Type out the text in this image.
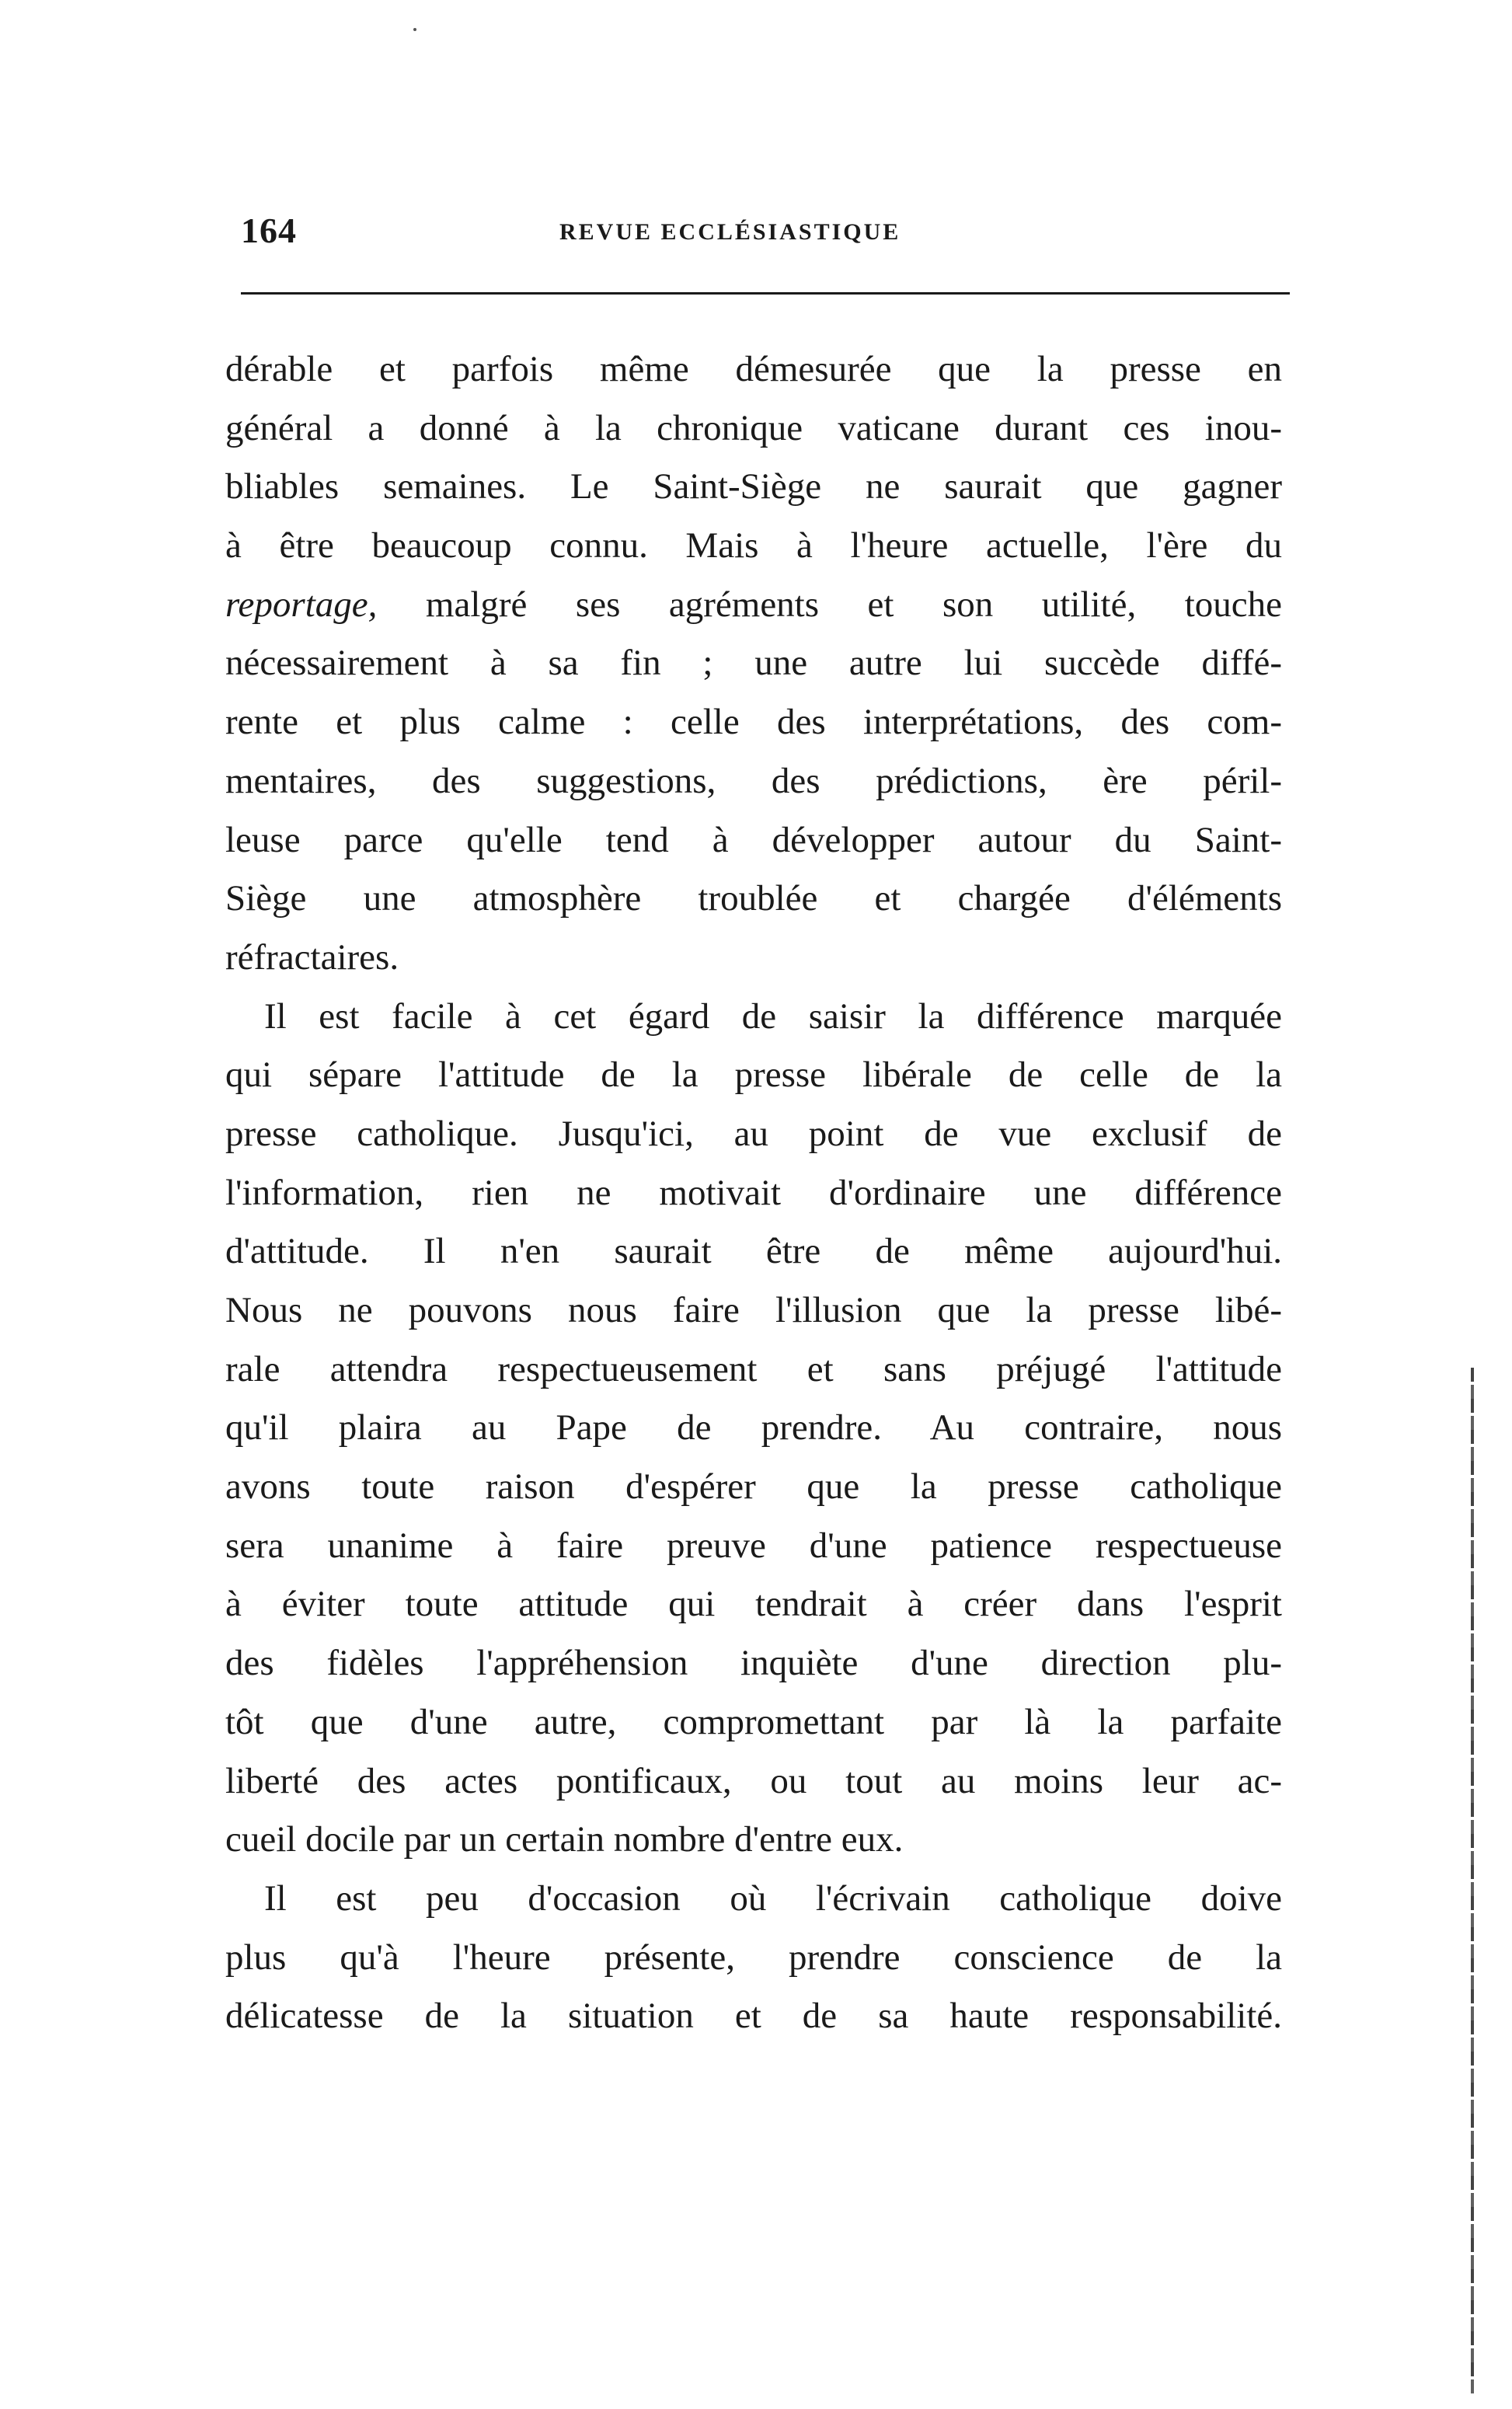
164	REVUE ECCLÉSIASTIQUE
dérable et parfois même démesurée que la presse en
général a donné à la chronique vaticane durant ces inou-
bliables semaines. Le Saint-Siège ne saurait que gagner
à être beaucoup connu. Mais à l'heure actuelle, l'ère du
reportage, malgré ses agréments et son utilité, touche
nécessairement à sa fin ; une autre lui succède diffé-
rente et plus calme : celle des interprétations, des com-
mentaires, des suggestions, des prédictions, ère péril-
leuse parce qu'elle tend à développer autour du Saint-
Siège une atmosphère troublée et chargée d'éléments
réfractaires.
Il est facile à cet égard de saisir la différence marquée
qui sépare l'attitude de la presse libérale de celle de la
presse catholique. Jusqu'ici, au point de vue exclusif de
l'information, rien ne motivait d'ordinaire une différence
d'attitude. Il n'en saurait être de même aujourd'hui.
Nous ne pouvons nous faire l'illusion que la presse libé-
rale attendra respectueusement et sans préjugé l'attitude
qu'il plaira au Pape de prendre. Au contraire, nous
avons toute raison d'espérer que la presse catholique
sera unanime à faire preuve d'une patience respectueuse
à éviter toute attitude qui tendrait à créer dans l'esprit
des fidèles l'appréhension inquiète d'une direction plu-
tôt que d'une autre, compromettant par là la parfaite
liberté des actes pontificaux, ou tout au moins leur ac-
cueil docile par un certain nombre d'entre eux.
Il est peu d'occasion où l'écrivain catholique doive
plus qu'à l'heure présente, prendre conscience de la
délicatesse de la situation et de sa haute responsabilité.
